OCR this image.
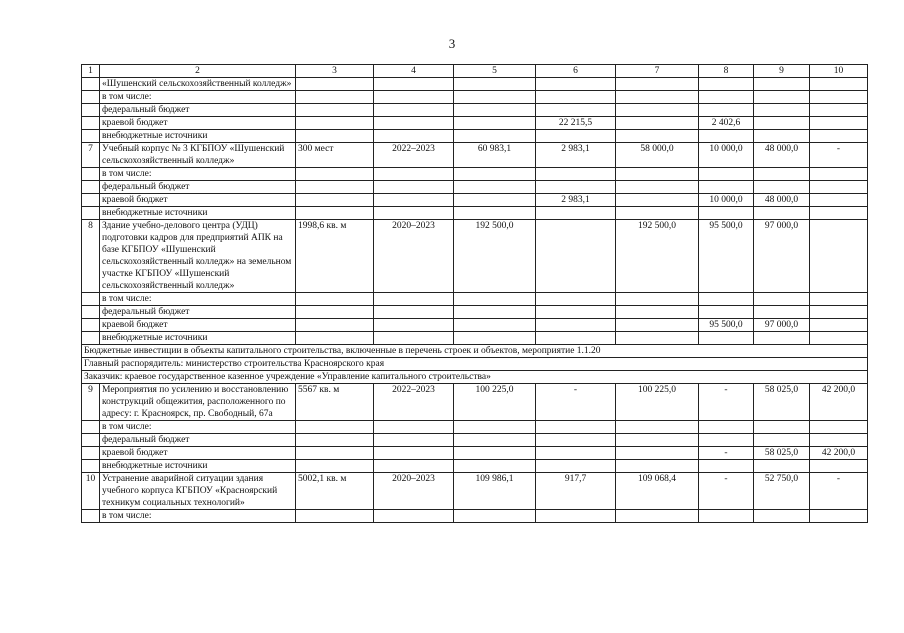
3
1	2	3	4	5	6	7	8	9	10
	«Шушенский сельскохозяйственный колледж»								
	в том числе:								
	федеральный бюджет								
	краевой бюджет				22 215,5		2 402,6		
	внебюджетные источники								
7	Учебный корпус № 3 КГБПОУ «Шушенский сельскохозяйственный колледж»	300 мест	2022–2023	60 983,1	2 983,1	58 000,0	10 000,0	48 000,0	-
	в том числе:								
	федеральный бюджет								
	краевой бюджет				2 983,1		10 000,0	48 000,0	
	внебюджетные источники								
8	Здание учебно-делового центра (УДЦ) подготовки кадров для предприятий АПК на базе КГБПОУ «Шушенский сельскохозяйственный колледж» на земельном участке КГБПОУ «Шушенский сельскохозяйственный колледж»	1998,6 кв. м	2020–2023	192 500,0		192 500,0	95 500,0	97 000,0	
	в том числе:								
	федеральный бюджет								
	краевой бюджет						95 500,0	97 000,0	
	внебюджетные источники								
Бюджетные инвестиции в объекты капитального строительства, включенные в перечень строек и объектов, мероприятие 1.1.20									
Главный распорядитель: министерство строительства Красноярского края									
Заказчик: краевое государственное казенное учреждение «Управление капитального строительства»									
9	Мероприятия по усилению и восстановлению конструкций общежития, расположенного по адресу: г. Красноярск, пр. Свободный, 67а	5567 кв. м	2022–2023	100 225,0	-	100 225,0	-	58 025,0	42 200,0
	в том числе:								
	федеральный бюджет								
	краевой бюджет						-	58 025,0	42 200,0
	внебюджетные источники								
10	Устранение аварийной ситуации здания учебного корпуса КГБПОУ «Красноярский техникум социальных технологий»	5002,1 кв. м	2020–2023	109 986,1	917,7	109 068,4	-	52 750,0	-
	в том числе:								
